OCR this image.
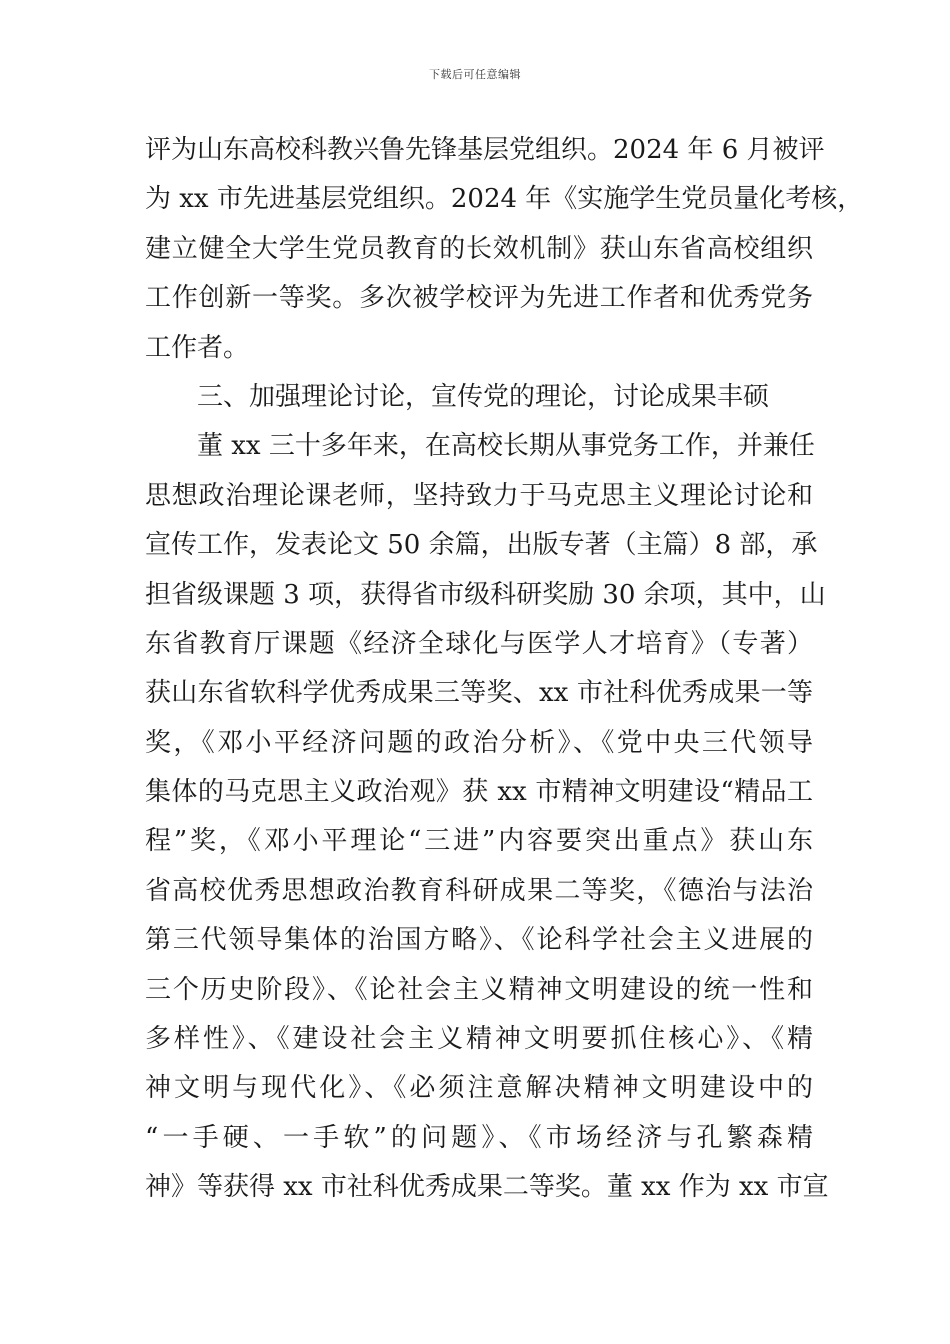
下载后可任意编辑
评为山东高校科教兴鲁先锋基层党组织。2024 年 6 月被评
为 xx 市先进基层党组织。2024 年《实施学生党员量化考核，
建立健全大学生党员教育的长效机制》获山东省高校组织
工作创新一等奖。多次被学校评为先进工作者和优秀党务
工作者。
三、加强理论讨论，宣传党的理论，讨论成果丰硕
董 xx 三十多年来，在高校长期从事党务工作，并兼任
思想政治理论课老师，坚持致力于马克思主义理论讨论和
宣传工作，发表论文 50 余篇，出版专著（主篇）8 部，承
担省级课题 3 项，获得省市级科研奖励 30 余项，其中，山
东省教育厅课题《经济全球化与医学人才培育》（专著）
获山东省软科学优秀成果三等奖、xx 市社科优秀成果一等
奖，《邓小平经济问题的政治分析》、《党中央三代领导
集体的马克思主义政治观》获 xx 市精神文明建设“精品工
程”奖，《邓小平理论“三进”内容要突出重点》获山东
省高校优秀思想政治教育科研成果二等奖，《德治与法治
第三代领导集体的治国方略》、《论科学社会主义进展的
三个历史阶段》、《论社会主义精神文明建设的统一性和
多样性》、《建设社会主义精神文明要抓住核心》、《精
神文明与现代化》、《必须注意解决精神文明建设中的
“一手硬、一手软”的问题》、《市场经济与孔繁森精
神》等获得 xx 市社科优秀成果二等奖。董 xx 作为 xx 市宣
